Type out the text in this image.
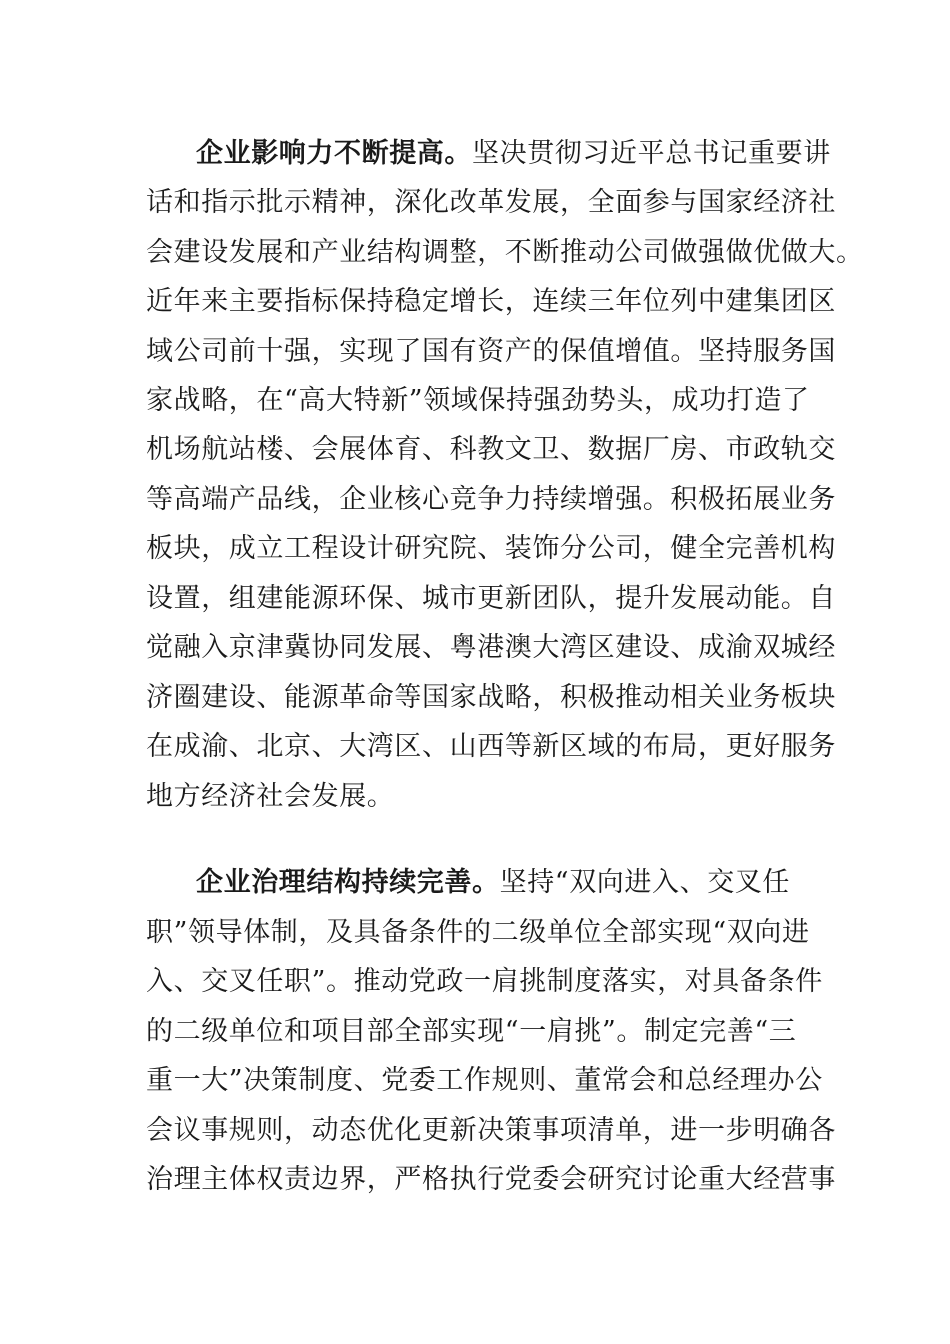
企业影响力不断提高。坚决贯彻习近平总书记重要讲
话和指示批示精神，深化改革发展，全面参与国家经济社
会建设发展和产业结构调整，不断推动公司做强做优做大。
近年来主要指标保持稳定增长，连续三年位列中建集团区
域公司前十强，实现了国有资产的保值增值。坚持服务国
家战略，在“高大特新”领域保持强劲势头，成功打造了
机场航站楼、会展体育、科教文卫、数据厂房、市政轨交
等高端产品线，企业核心竞争力持续增强。积极拓展业务
板块，成立工程设计研究院、装饰分公司，健全完善机构
设置，组建能源环保、城市更新团队，提升发展动能。自
觉融入京津冀协同发展、粤港澳大湾区建设、成渝双城经
济圈建设、能源革命等国家战略，积极推动相关业务板块
在成渝、北京、大湾区、山西等新区域的布局，更好服务
地方经济社会发展。
企业治理结构持续完善。坚持“双向进入、交叉任
职”领导体制，及具备条件的二级单位全部实现“双向进
入、交叉任职”。推动党政一肩挑制度落实，对具备条件
的二级单位和项目部全部实现“一肩挑”。制定完善“三
重一大”决策制度、党委工作规则、董常会和总经理办公
会议事规则，动态优化更新决策事项清单，进一步明确各
治理主体权责边界，严格执行党委会研究讨论重大经营事
